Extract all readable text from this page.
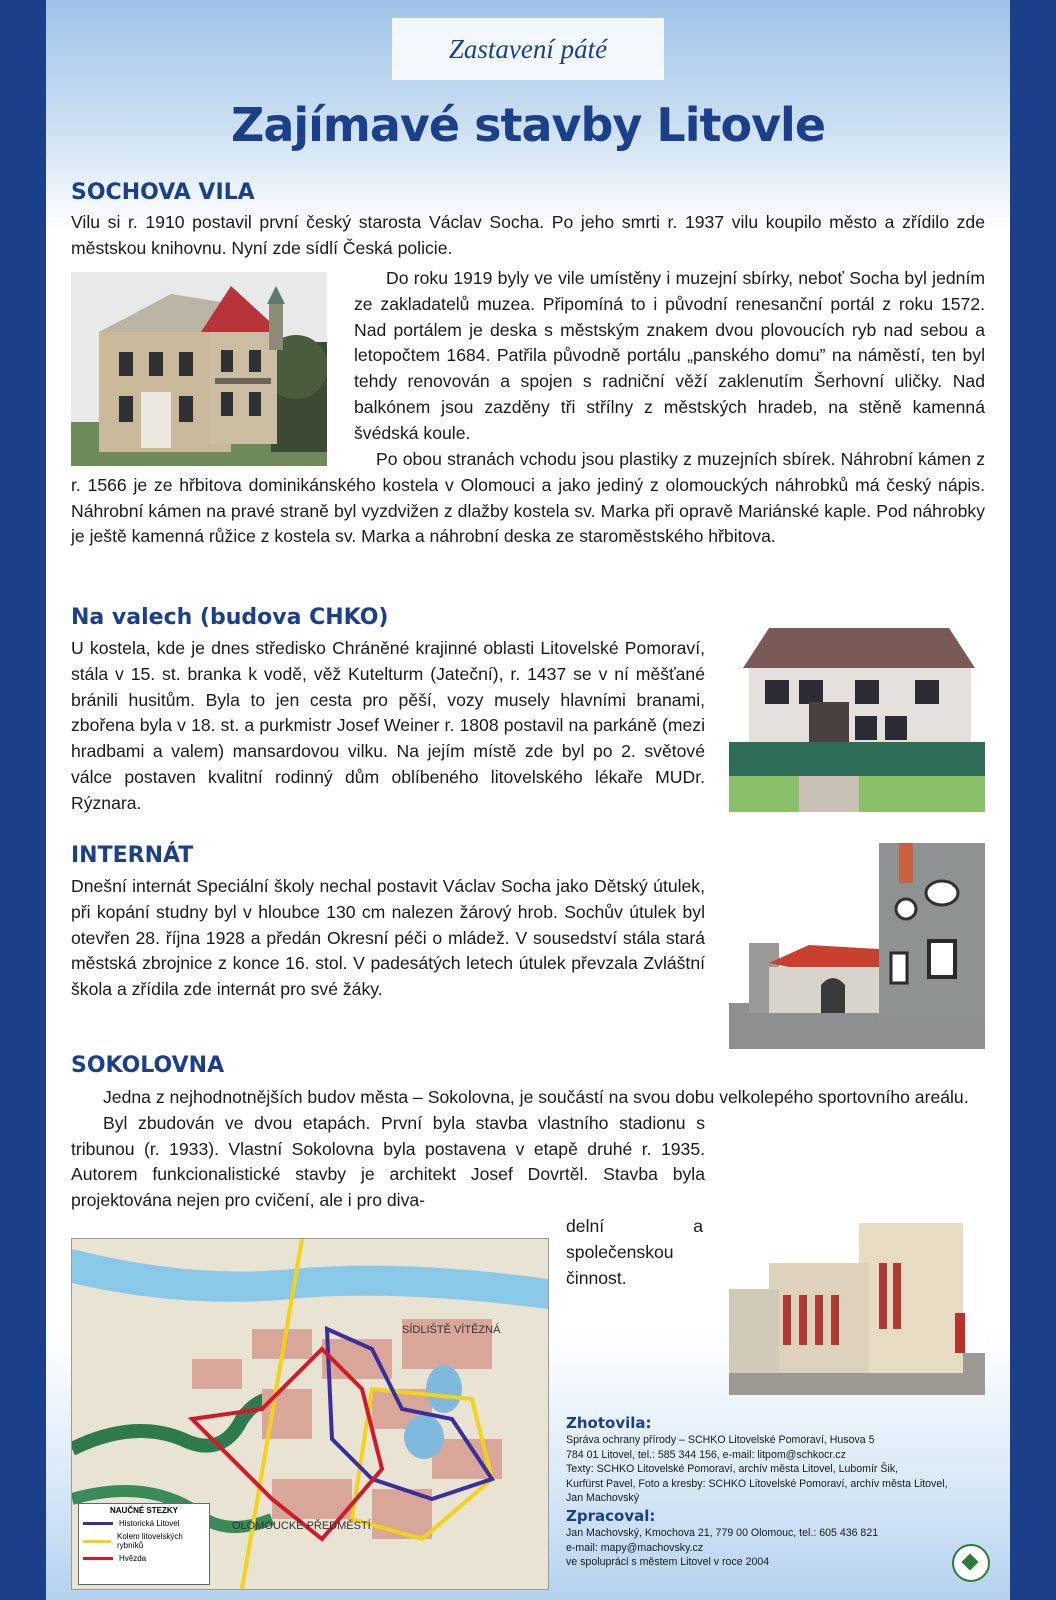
Zastavení páté
Zajímavé stavby Litovle
SOCHOVA VILA

Vilu si r. 1910 postavil první český starosta Václav Socha. Po jeho smrti r. 1937 vilu koupilo město a zřídilo zde městskou knihovnu. Nyní zde sídlí Česká policie.

Do roku 1919 byly ve vile umístěny i muzejní sbírky, neboť Socha byl jedním ze zakladatelů muzea. Připomíná to i původní renesanční portál z roku 1572. Nad portálem je deska s městským znakem dvou plovoucích ryb nad sebou a letopočtem 1684. Patřila původně portálu „panského domu” na náměstí, ten byl tehdy renovován a spojen s radniční věží zaklenutím Šerhovní uličky. Nad balkónem jsou zazděny tři střílny z městských hradeb, na stěně kamenná švédská koule.

Po obou stranách vchodu jsou plastiky z muzejních sbírek. Náhrobní kámen z r. 1566 je ze hřbitova dominikánského kostela v Olomouci a jako jediný z olomouckých náhrobků má český nápis. Náhrobní kámen na pravé straně byl vyzdvižen z dlažby kostela sv. Marka při opravě Mariánské kaple. Pod náhrobky je ještě kamenná růžice z kostela sv. Marka a náhrobní deska ze staroměstského hřbitova.

Na valech (budova CHKO)

U kostela, kde je dnes středisko Chráněné krajinné oblasti Litovelské Pomoraví, stála v 15. st. branka k vodě, věž Kutelturm (Jateční), r. 1437 se v ní měšťané bránili husitům. Byla to jen cesta pro pěší, vozy musely hlavními branami, zbořena byla v 18. st. a purkmistr Josef Weiner r. 1808 postavil na parkáně (mezi hradbami a valem) mansardovou vilku. Na jejím místě zde byl po 2. světové válce postaven kvalitní rodinný dům oblíbeného litovelského lékaře MUDr. Rýznara.

INTERNÁT

Dnešní internát Speciální školy nechal postavit Václav Socha jako Dětský útulek, při kopání studny byl v hloubce 130 cm nalezen žárový hrob. Sochův útulek byl otevřen 28. října 1928 a předán Okresní péči o mládež. V sousedství stála stará městská zbrojnice z konce 16. stol. V padesátých letech útulek převzala Zvláštní škola a zřídila zde internát pro své žáky.

SOKOLOVNA

Jedna z nejhodnotnějších budov města – Sokolovna, je součástí na svou dobu velkolepého sportovního areálu.

Byl zbudován ve dvou etapách. První byla stavba vlastního stadionu s tribunou (r. 1933). Vlastní Sokolovna byla postavena v etapě druhé r. 1935. Autorem funkcionalistické stavby je architekt Josef Dovrtěl. Stavba byla projektována nejen pro cvičení, ale i pro diva-

delní a společenskou činnost.

SÍDLIŠTĚ VÍTĚZNÁ
OLOMOUCKÉ PŘEDMĚSTÍ
NAUČNÉ STEZKY
Historická Litovel
Kolem litovelských rybníků
Hvězda
Zhotovila:
Správa ochrany přírody – SCHKO Litovelské Pomoraví, Husova 5
784 01 Litovel, tel.: 585 344 156, e-mail: litpom@schkocr.cz
Texty: SCHKO Litovelské Pomoraví, archív města Litovel, Lubomír Šik,
Kurfürst Pavel, Foto a kresby: SCHKO Litovelské Pomoraví, archív města Litovel,
Jan Machovský
Zpracoval:
Jan Machovský, Kmochova 21, 779 00 Olomouc, tel.: 605 436 821
e-mail: mapy@machovsky.cz
ve spolupráci s městem Litovel v roce 2004
